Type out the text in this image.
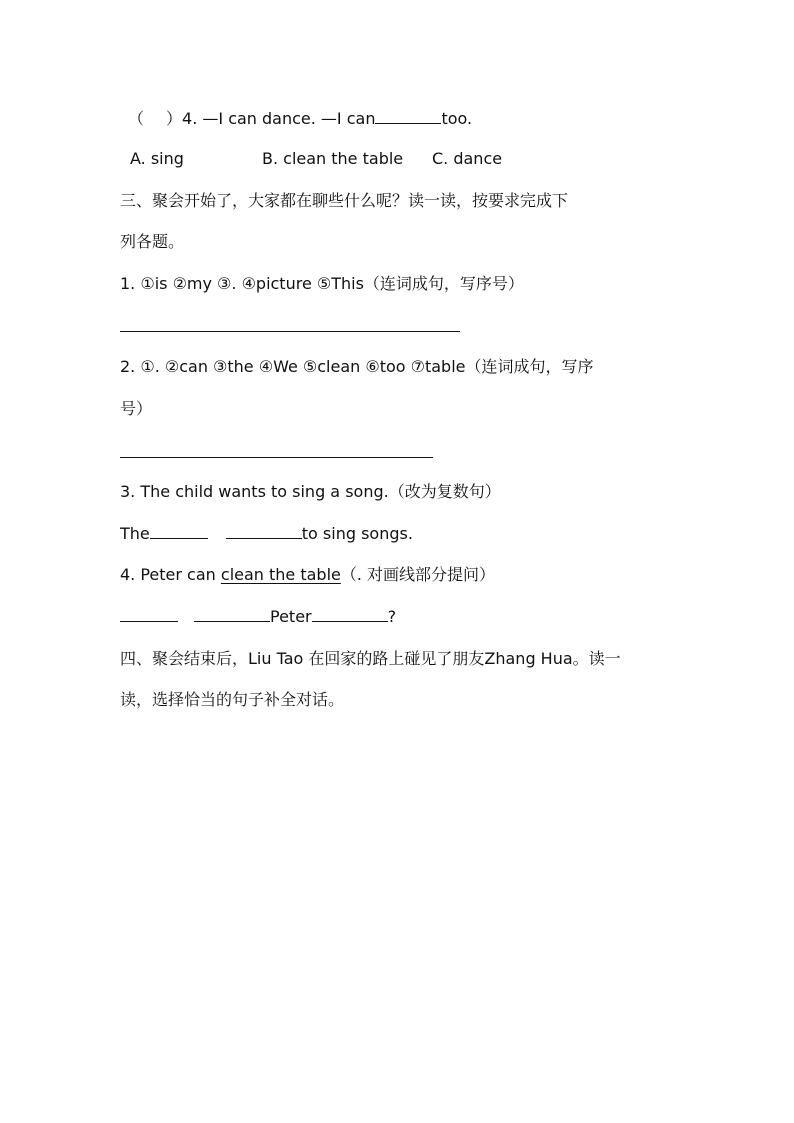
（ ）4. —I can dance. —I can	too.
A. sing	B. clean the table C. dance
三、聚会开始了，大家都在聊些什么呢？读一读，按要求完成下
列各题。
1. ①is ②my ③. ④picture ⑤This（连词成句，写序号）
2. ①. ②can ③the ④We ⑤clean ⑥too ⑦table（连词成句，写序
号）
3. The child wants to sing a song.（改为复数句）
The	to sing songs.
4. Peter can clean the table（. 对画线部分提问）
Peter	?
四、聚会结束后，Liu Tao 在回家的路上碰见了朋友Zhang Hua。读一
读，选择恰当的句子补全对话。
